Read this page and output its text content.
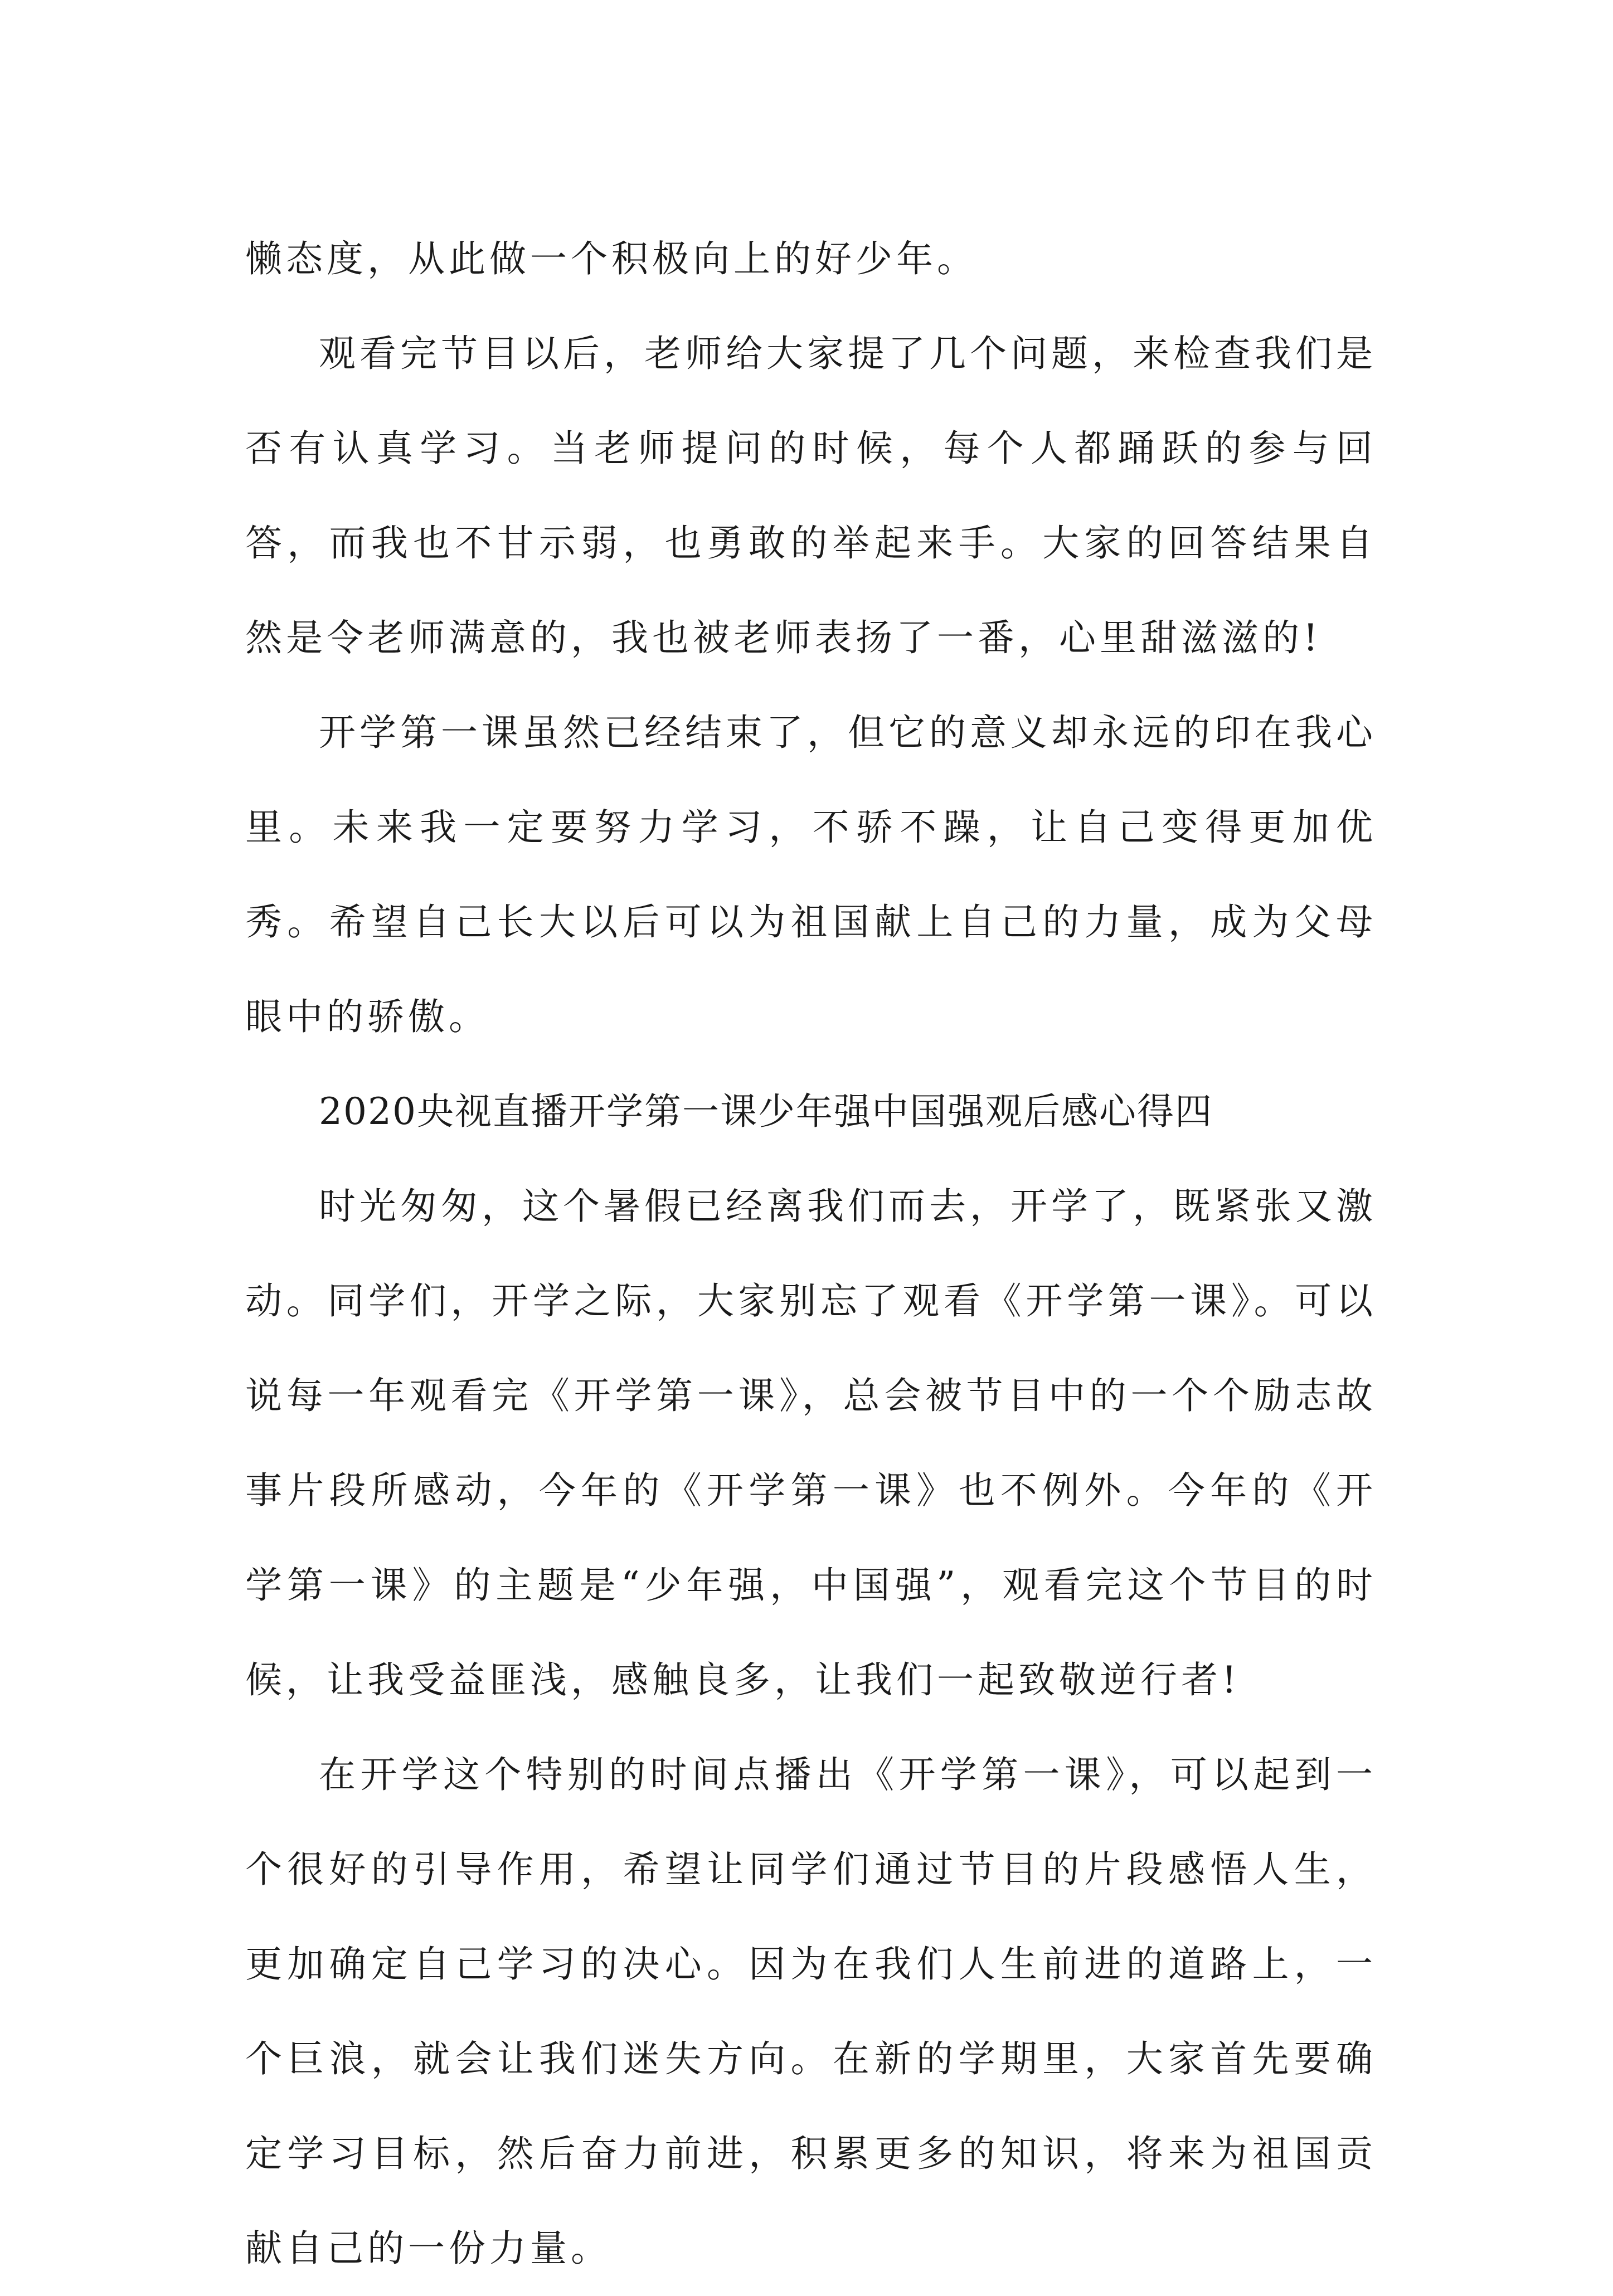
懒态度，从此做一个积极向上的好少年。

观看完节目以后，老师给大家提了几个问题，来检查我们是否有认真学习。当老师提问的时候，每个人都踊跃的参与回答，而我也不甘示弱，也勇敢的举起来手。大家的回答结果自然是令老师满意的，我也被老师表扬了一番，心里甜滋滋的!

开学第一课虽然已经结束了，但它的意义却永远的印在我心里。未来我一定要努力学习，不骄不躁，让自己变得更加优秀。希望自己长大以后可以为祖国献上自己的力量，成为父母眼中的骄傲。

2020央视直播开学第一课少年强中国强观后感心得四

时光匆匆，这个暑假已经离我们而去，开学了，既紧张又激动。同学们，开学之际，大家别忘了观看《开学第一课》。可以说每一年观看完《开学第一课》，总会被节目中的一个个励志故事片段所感动，今年的《开学第一课》也不例外。今年的《开学第一课》的主题是“少年强，中国强”，观看完这个节目的时候，让我受益匪浅，感触良多，让我们一起致敬逆行者!

在开学这个特别的时间点播出《开学第一课》，可以起到一个很好的引导作用，希望让同学们通过节目的片段感悟人生，更加确定自己学习的决心。因为在我们人生前进的道路上，一个巨浪，就会让我们迷失方向。在新的学期里，大家首先要确定学习目标，然后奋力前进，积累更多的知识，将来为祖国贡献自己的一份力量。
